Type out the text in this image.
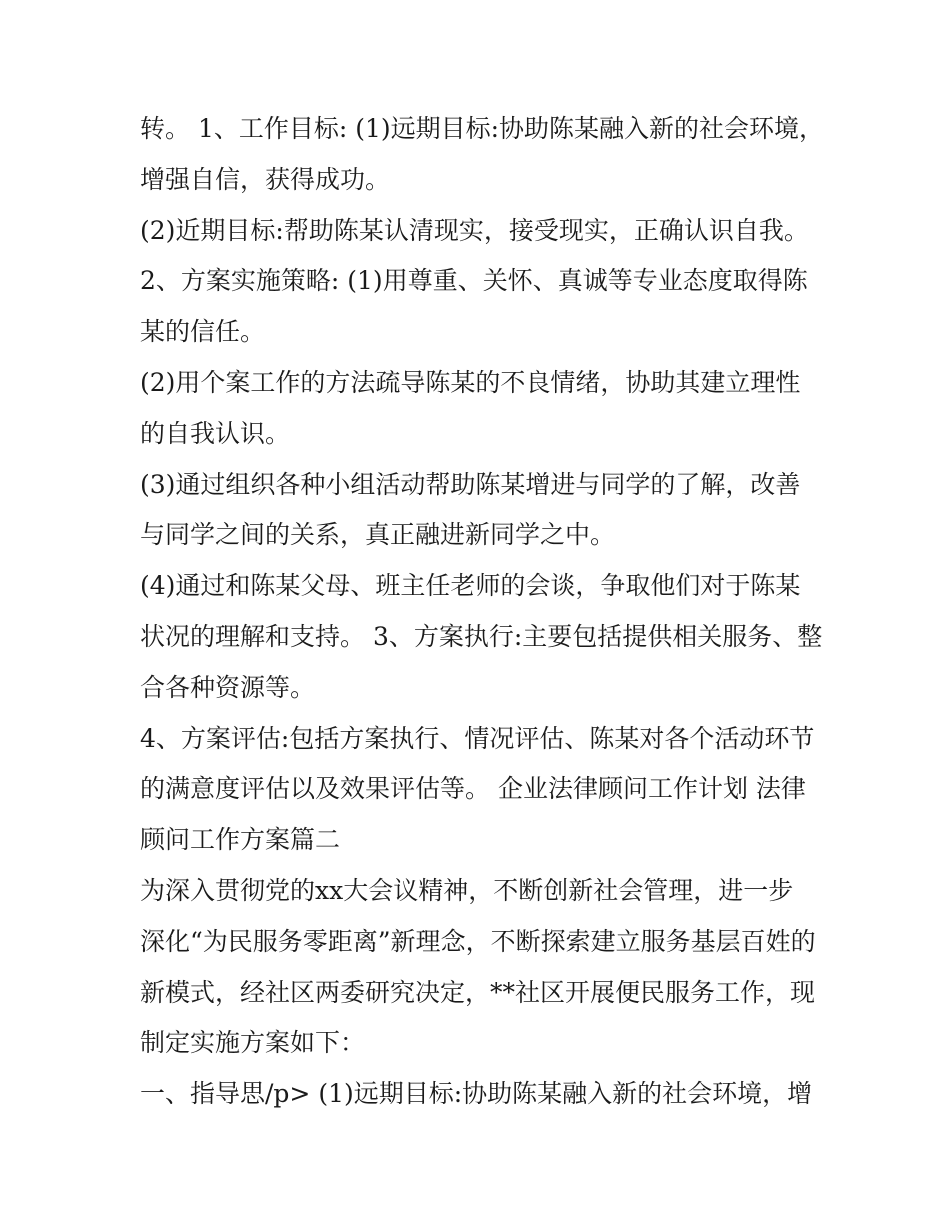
转。 1、工作目标: (1)远期目标:协助陈某融入新的社会环境，
增强自信，获得成功。
(2)近期目标:帮助陈某认清现实，接受现实，正确认识自我。
2、方案实施策略: (1)用尊重、关怀、真诚等专业态度取得陈
某的信任。
(2)用个案工作的方法疏导陈某的不良情绪，协助其建立理性
的自我认识。
(3)通过组织各种小组活动帮助陈某增进与同学的了解，改善
与同学之间的关系，真正融进新同学之中。
(4)通过和陈某父母、班主任老师的会谈，争取他们对于陈某
状况的理解和支持。 3、方案执行:主要包括提供相关服务、整
合各种资源等。
4、方案评估:包括方案执行、情况评估、陈某对各个活动环节
的满意度评估以及效果评估等。 企业法律顾问工作计划 法律
顾问工作方案篇二
为深入贯彻党的xx大会议精神，不断创新社会管理，进一步
深化“为民服务零距离”新理念，不断探索建立服务基层百姓的
新模式，经社区两委研究决定，**社区开展便民服务工作，现
制定实施方案如下：
一、指导思/p> (1)远期目标:协助陈某融入新的社会环境，增
